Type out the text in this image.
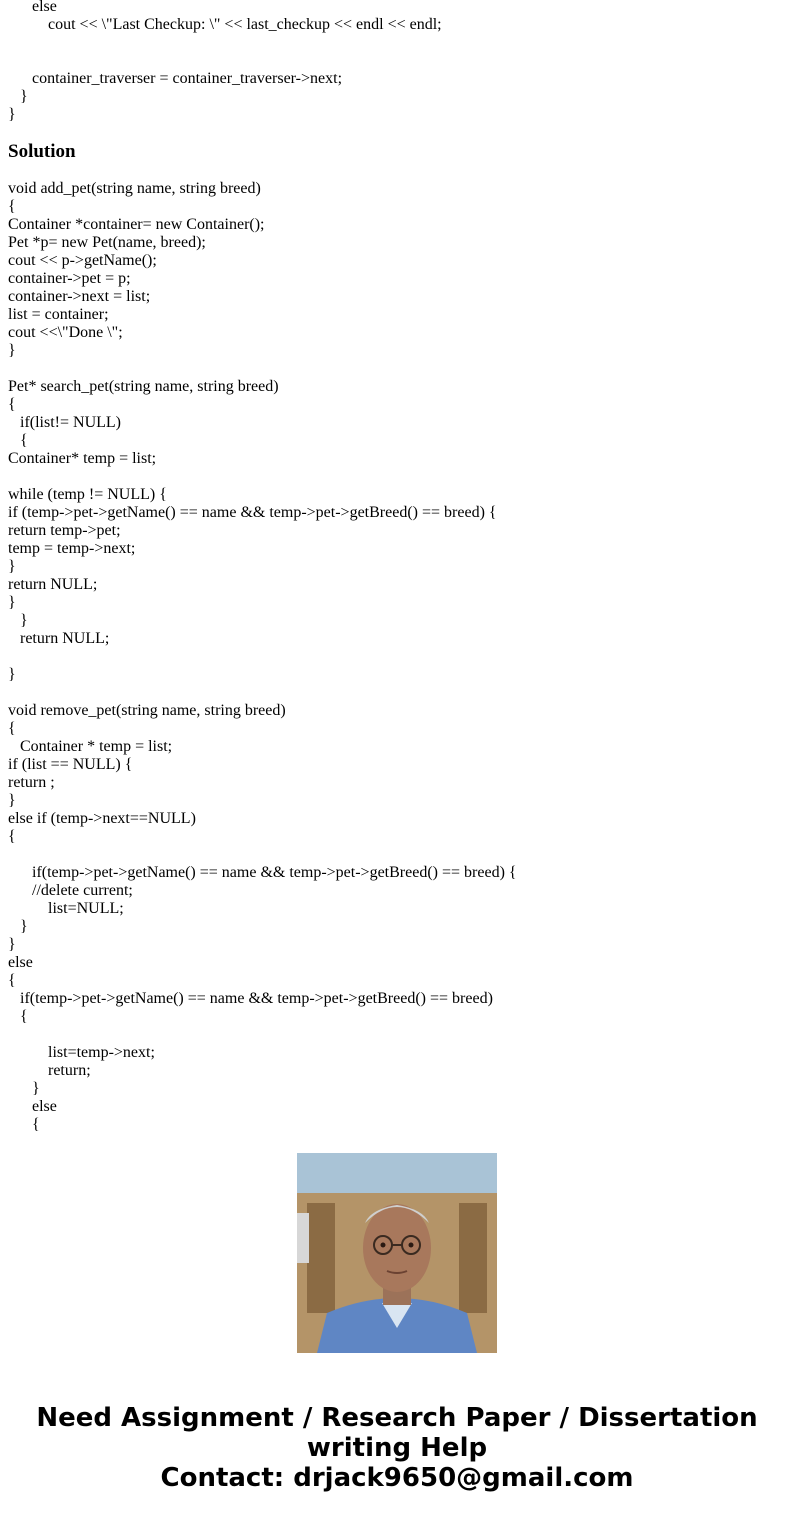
else
cout << \"Last Checkup: \" << last_checkup << endl << endl;
container_traverser = container_traverser->next;
}
}
Solution
void add_pet(string name, string breed)
{
Container *container= new Container();
Pet *p= new Pet(name, breed);
cout << p->getName();
container->pet = p;
container->next = list;
list = container;
cout <<\"Done \";
}
Pet* search_pet(string name, string breed)
{
if(list!= NULL)
{
Container* temp = list;
while (temp != NULL) {
if (temp->pet->getName() == name && temp->pet->getBreed() == breed) {
return temp->pet;
temp = temp->next;
}
return NULL;
}
}
return NULL;
}
void remove_pet(string name, string breed)
{
Container * temp = list;
if (list == NULL) {
return ;
}
else if (temp->next==NULL)
{
if(temp->pet->getName() == name && temp->pet->getBreed() == breed) {
//delete current;
list=NULL;
}
}
else
{
if(temp->pet->getName() == name && temp->pet->getBreed() == breed)
{
list=temp->next;
return;
}
else
{
Need Assignment / Research Paper / Dissertation
writing Help
Contact: drjack9650@gmail.com
